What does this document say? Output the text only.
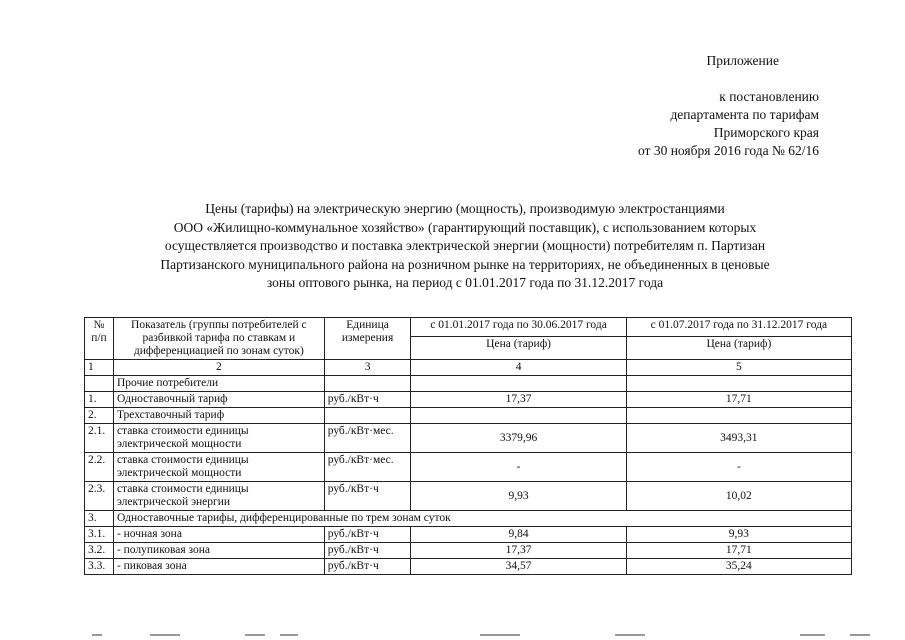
Приложение
к постановлению
департамента по тарифам
Приморского края
от 30 ноября 2016 года № 62/16
Цены (тарифы) на электрическую энергию (мощность), производимую электростанциями
ООО «Жилищно-коммунальное хозяйство» (гарантирующий поставщик), с использованием которых
осуществляется производство и поставка электрической энергии (мощности) потребителям п. Партизан
Партизанского муниципального района на розничном рынке на территориях, не объединенных в ценовые
зоны оптового рынка, на период с 01.01.2017 года по 31.12.2017 года
№ п/п	Показатель (группы потребителей с разбивкой тарифа по ставкам и дифференциацией по зонам суток)	Единица измерения	с 01.01.2017 года по 30.06.2017 года	с 01.07.2017 года по 31.12.2017 года
			Цена (тариф)	Цена (тариф)
1	2	3	4	5
	Прочие потребители			
1.	Одноставочный тариф	руб./кВт·ч	17,37	17,71
2.	Трехставочный тариф			
2.1.	ставка стоимости единицы электрической мощности	руб./кВт·мес.	3379,96	3493,31
2.2.	ставка стоимости единицы электрической мощности	руб./кВт·мес.	-	-
2.3.	ставка стоимости единицы электрической энергии	руб./кВт·ч	9,93	10,02
3.	Одноставочные тарифы, дифференцированные по трем зонам суток			
3.1.	- ночная зона	руб./кВт·ч	9,84	9,93
3.2.	- полупиковая зона	руб./кВт·ч	17,37	17,71
3.3.	- пиковая зона	руб./кВт·ч	34,57	35,24
